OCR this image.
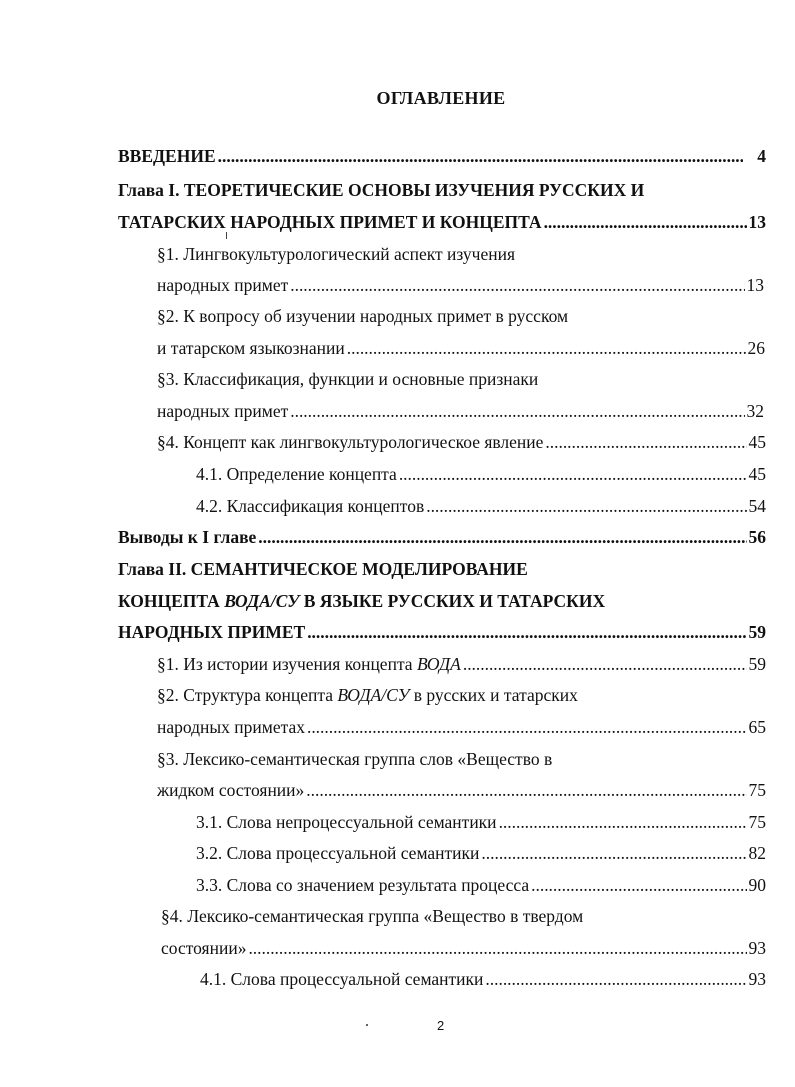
ОГЛАВЛЕНИЕ
ВВЕДЕНИЕ . . .	4
Глава I. ТЕОРЕТИЧЕСКИЕ ОСНОВЫ ИЗУЧЕНИЯ РУССКИХ И
ТАТАРСКИХ НАРОДНЫХ ПРИМЕТ И КОНЦЕПТА . . .	13
§1. Лингвокультурологический аспект изучения
народных примет . . .	13
§2. К вопросу об изучении народных примет в русском
и татарском языкознании . . .	26
§3. Классификация, функции и основные признаки
народных примет . . .	32
§4. Концепт как лингвокультурологическое явление . . .	45
4.1. Определение концепта . . .	45
4.2. Классификация концептов . . .	54
Выводы к I главе . . .	56
Глава II. СЕМАНТИЧЕСКОЕ МОДЕЛИРОВАНИЕ
КОНЦЕПТА ВОДА/СУ В ЯЗЫКЕ РУССКИХ И ТАТАРСКИХ
НАРОДНЫХ ПРИМЕТ . . .	59
§1. Из истории изучения концепта ВОДА . . .	59
§2. Структура концепта ВОДА/СУ в русских и татарских
народных приметах . . .	65
§3. Лексико-семантическая группа слов «Вещество в
жидком состоянии» . . .	75
3.1. Слова непроцессуальной семантики . . .	75
3.2. Слова процессуальной семантики . . .	82
3.3. Слова со значением результата процесса . . .	90
§4. Лексико-семантическая группа «Вещество в твердом
состоянии» . . .	93
4.1. Слова процессуальной семантики . . .	93
2
